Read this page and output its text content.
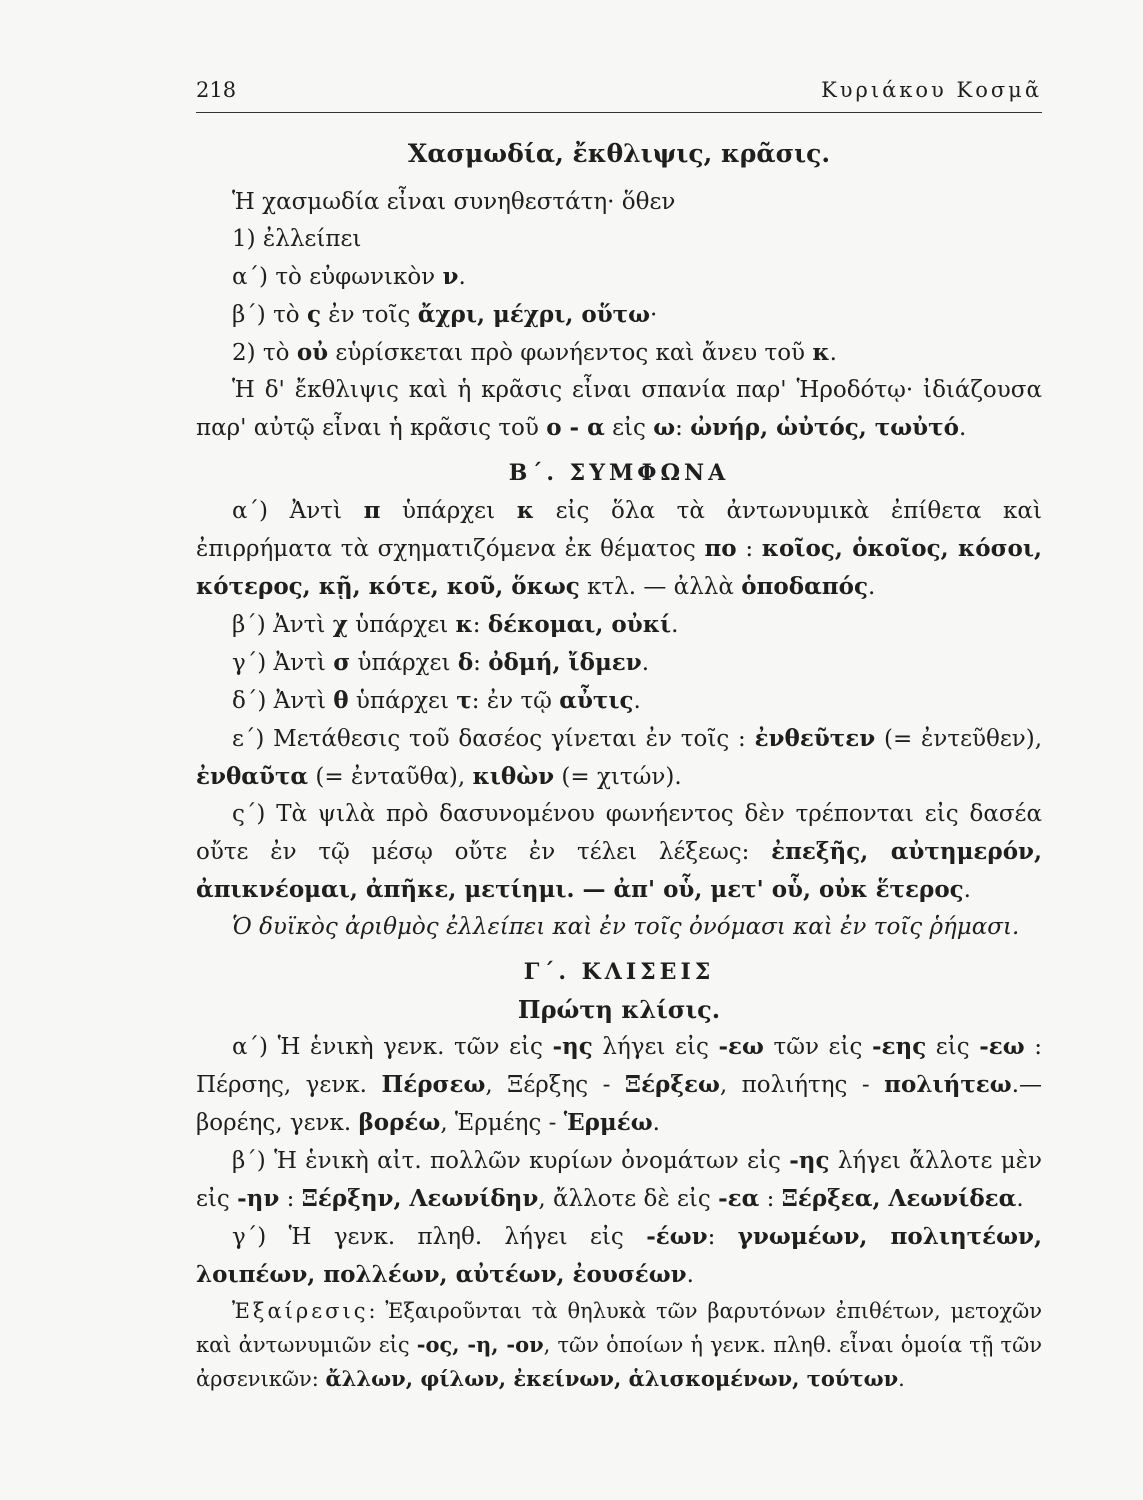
218	Κυριάκου Κοσμᾶ

Χασμωδία, ἔκθλιψις, κρᾶσις.

Ἡ χασμωδία εἶναι συνηθεστάτη· ὅθεν

1) ἐλλείπει

α΄) τὸ εὐφωνικὸν ν.

β΄) τὸ ς ἐν τοῖς ἄχρι, μέχρι, οὕτω·

2) τὸ οὐ εὑρίσκεται πρὸ φωνήεντος καὶ ἄνευ τοῦ κ.

Ἡ δ' ἔκθλιψις καὶ ἡ κρᾶσις εἶναι σπανία παρ' Ἡροδότῳ· ἰδιάζουσα παρ' αὐτῷ εἶναι ἡ κρᾶσις τοῦ ο - α εἰς ω: ὠνήρ, ὡὐτός, τωὐτό.

Β΄. ΣΥΜΦΩΝΑ

α΄) Ἀντὶ π ὑπάρχει κ εἰς ὅλα τὰ ἀντωνυμικὰ ἐπίθετα καὶ ἐπιρρήματα τὰ σχηματιζόμενα ἐκ θέματος πο : κοῖος, ὁκοῖος, κόσοι, κότερος, κῇ, κότε, κοῦ, ὅκως κτλ. — ἀλλὰ ὁποδαπός.

β΄) Ἀντὶ χ ὑπάρχει κ: δέκομαι, οὐκί.

γ΄) Ἀντὶ σ ὑπάρχει δ: ὀδμή, ἴδμεν.

δ΄) Ἀντὶ θ ὑπάρχει τ: ἐν τῷ αὖτις.

ε΄) Μετάθεσις τοῦ δασέος γίνεται ἐν τοῖς : ἐνθεῦτεν (= ἐντεῦθεν), ἐνθαῦτα (= ἐνταῦθα), κιθὼν (= χιτών).

ς΄) Τὰ ψιλὰ πρὸ δασυνομένου φωνήεντος δὲν τρέπονται εἰς δασέα οὔτε ἐν τῷ μέσῳ οὔτε ἐν τέλει λέξεως: ἐπεξῆς, αὐτημερόν, ἀπικνέομαι, ἀπῆκε, μετίημι. — ἀπ' οὗ, μετ' οὗ, οὐκ ἕτερος.

Ὁ δυϊκὸς ἀριθμὸς ἐλλείπει καὶ ἐν τοῖς ὀνόμασι καὶ ἐν τοῖς ῥήμασι.

Γ΄. ΚΛΙΣΕΙΣ

Πρώτη κλίσις.

α΄) Ἡ ἑνικὴ γενκ. τῶν εἰς -ης λήγει εἰς -εω τῶν εἰς -εης εἰς -εω : Πέρσης, γενκ. Πέρσεω, Ξέρξης - Ξέρξεω, πολιήτης - πολιήτεω.— βορέης, γενκ. βορέω, Ἑρμέης - Ἑρμέω.

β΄) Ἡ ἑνικὴ αἰτ. πολλῶν κυρίων ὀνομάτων εἰς -ης λήγει ἄλλοτε μὲν εἰς -ην : Ξέρξην, Λεωνίδην, ἄλλοτε δὲ εἰς -εα : Ξέρξεα, Λεωνίδεα.

γ΄) Ἡ γενκ. πληθ. λήγει εἰς -έων: γνωμέων, πολιητέων, λοιπέων, πολλέων, αὐτέων, ἐουσέων.

Ἐξαίρεσις: Ἐξαιροῦνται τὰ θηλυκὰ τῶν βαρυτόνων ἐπιθέτων, μετοχῶν καὶ ἀντωνυμιῶν εἰς -ος, -η, -ον, τῶν ὁποίων ἡ γενκ. πληθ. εἶναι ὁμοία τῇ τῶν ἀρσενικῶν: ἄλλων, φίλων, ἐκείνων, ἁλισκομένων, τούτων.
